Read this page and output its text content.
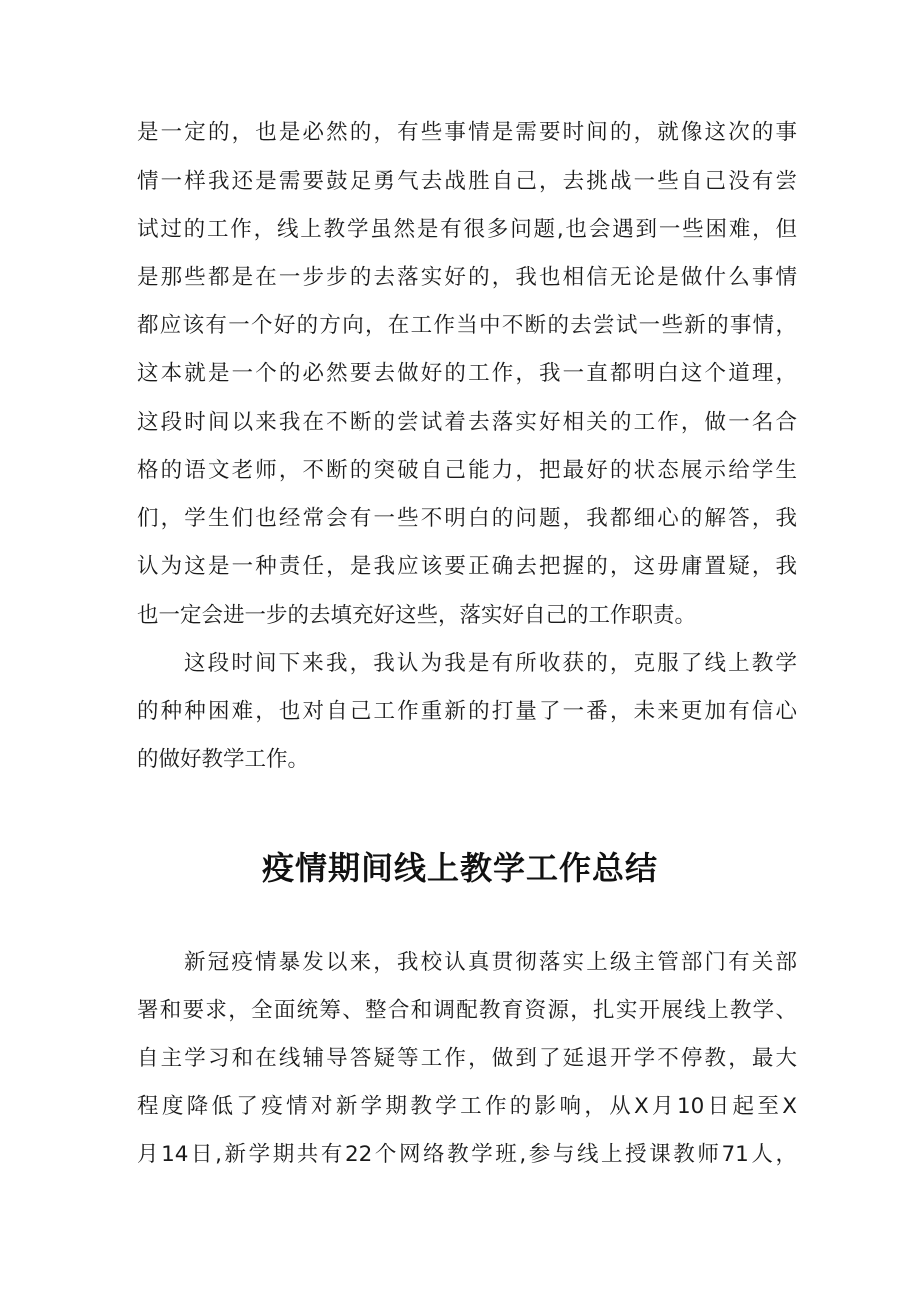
是一定的，也是必然的，有些事情是需要时间的，就像这次的事
情一样我还是需要鼓足勇气去战胜自己，去挑战一些自己没有尝
试过的工作，线上教学虽然是有很多问题,也会遇到一些困难，但
是那些都是在一步步的去落实好的，我也相信无论是做什么事情
都应该有一个好的方向，在工作当中不断的去尝试一些新的事情，
这本就是一个的必然要去做好的工作，我一直都明白这个道理，
这段时间以来我在不断的尝试着去落实好相关的工作，做一名合
格的语文老师，不断的突破自己能力，把最好的状态展示给学生
们，学生们也经常会有一些不明白的问题，我都细心的解答，我
认为这是一种责任，是我应该要正确去把握的，这毋庸置疑，我
也一定会进一步的去填充好这些，落实好自己的工作职责。
这段时间下来我，我认为我是有所收获的，克服了线上教学
的种种困难，也对自己工作重新的打量了一番，未来更加有信心
的做好教学工作。
疫情期间线上教学工作总结
新冠疫情暴发以来，我校认真贯彻落实上级主管部门有关部
署和要求，全面统筹、整合和调配教育资源，扎实开展线上教学、
自主学习和在线辅导答疑等工作，做到了延退开学不停教，最大
程度降低了疫情对新学期教学工作的影响，从X月10日起至X
月14日,新学期共有22个网络教学班,参与线上授课教师71人，
